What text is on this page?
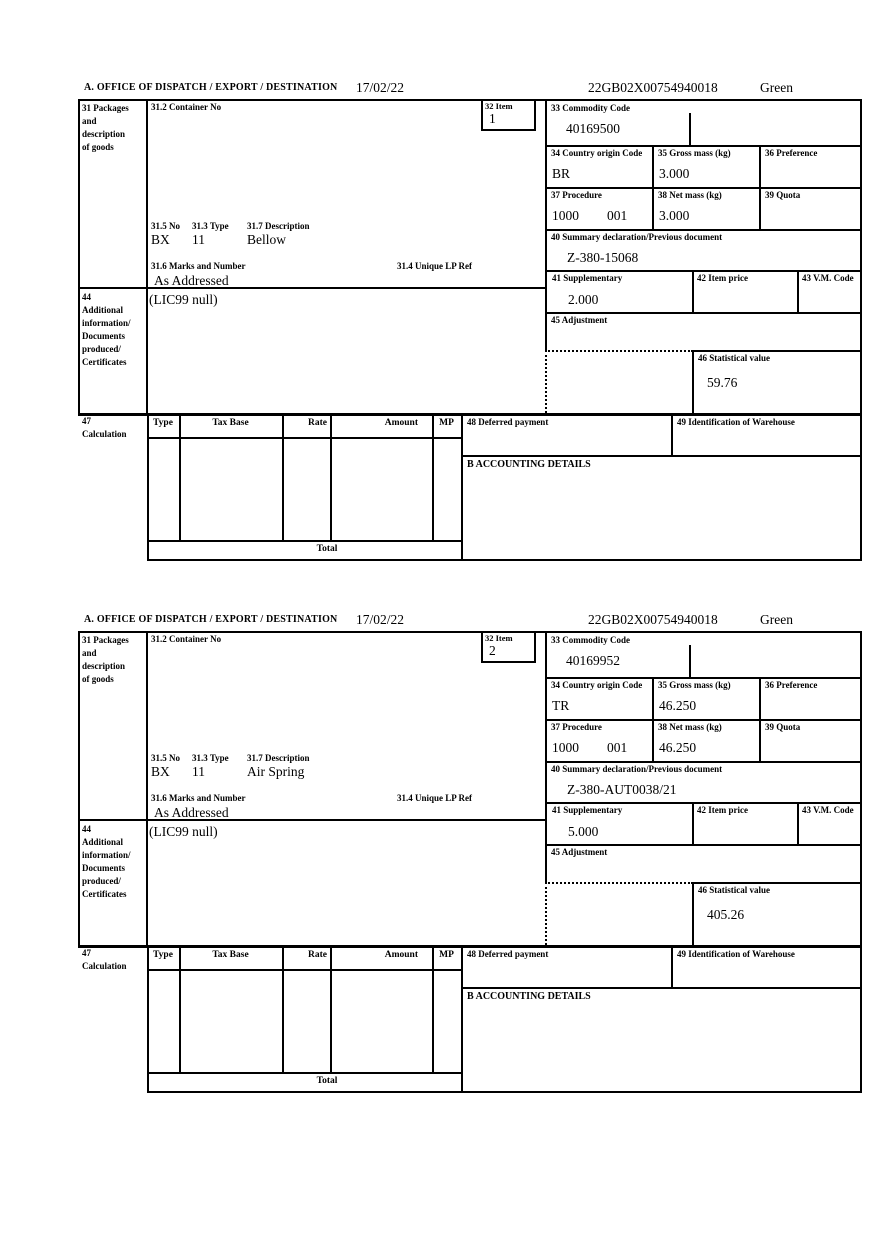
A. OFFICE OF DISPATCH / EXPORT / DESTINATION 17/02/22	22GB02X00754940018	Green
31 Packages
and
description
of goods
31.2 Container No	32 Item
1
31.5 No 31.3 Type 31.7 Description
BX 11	Bellow
31.6 Marks and Number	31.4 Unique LP Ref
As Addressed
(LIC99 null)
44
Additional
information/
Documents
produced/
Certificates
33 Commodity Code
40169500
34 Country origin Code
BR
35 Gross mass (kg)
3.000
36 Preference
37 Procedure
1000 001
38 Net mass (kg)
3.000
39 Quota
40 Summary declaration/Previous document
Z-380-15068
41 Supplementary
2.000
42 Item price	43 V.M. Code
45 Adjustment
46 Statistical value
59.76
47
Calculation
Type	Tax Base	Rate	Amount	MP
Total
48 Deferred payment	49 Identification of Warehouse
B ACCOUNTING DETAILS
A. OFFICE OF DISPATCH / EXPORT / DESTINATION 17/02/22	22GB02X00754940018	Green
31 Packages
and
description
of goods
31.2 Container No	32 Item
2
31.5 No 31.3 Type 31.7 Description
BX 11	Air Spring
31.6 Marks and Number	31.4 Unique LP Ref
As Addressed
(LIC99 null)
44
Additional
information/
Documents
produced/
Certificates
33 Commodity Code
40169952
34 Country origin Code
TR
35 Gross mass (kg)
46.250
36 Preference
37 Procedure
1000 001
38 Net mass (kg)
46.250
39 Quota
40 Summary declaration/Previous document
Z-380-AUT0038/21
41 Supplementary
5.000
42 Item price	43 V.M. Code
45 Adjustment
46 Statistical value
405.26
47
Calculation
Type	Tax Base	Rate	Amount	MP
Total
48 Deferred payment	49 Identification of Warehouse
B ACCOUNTING DETAILS
